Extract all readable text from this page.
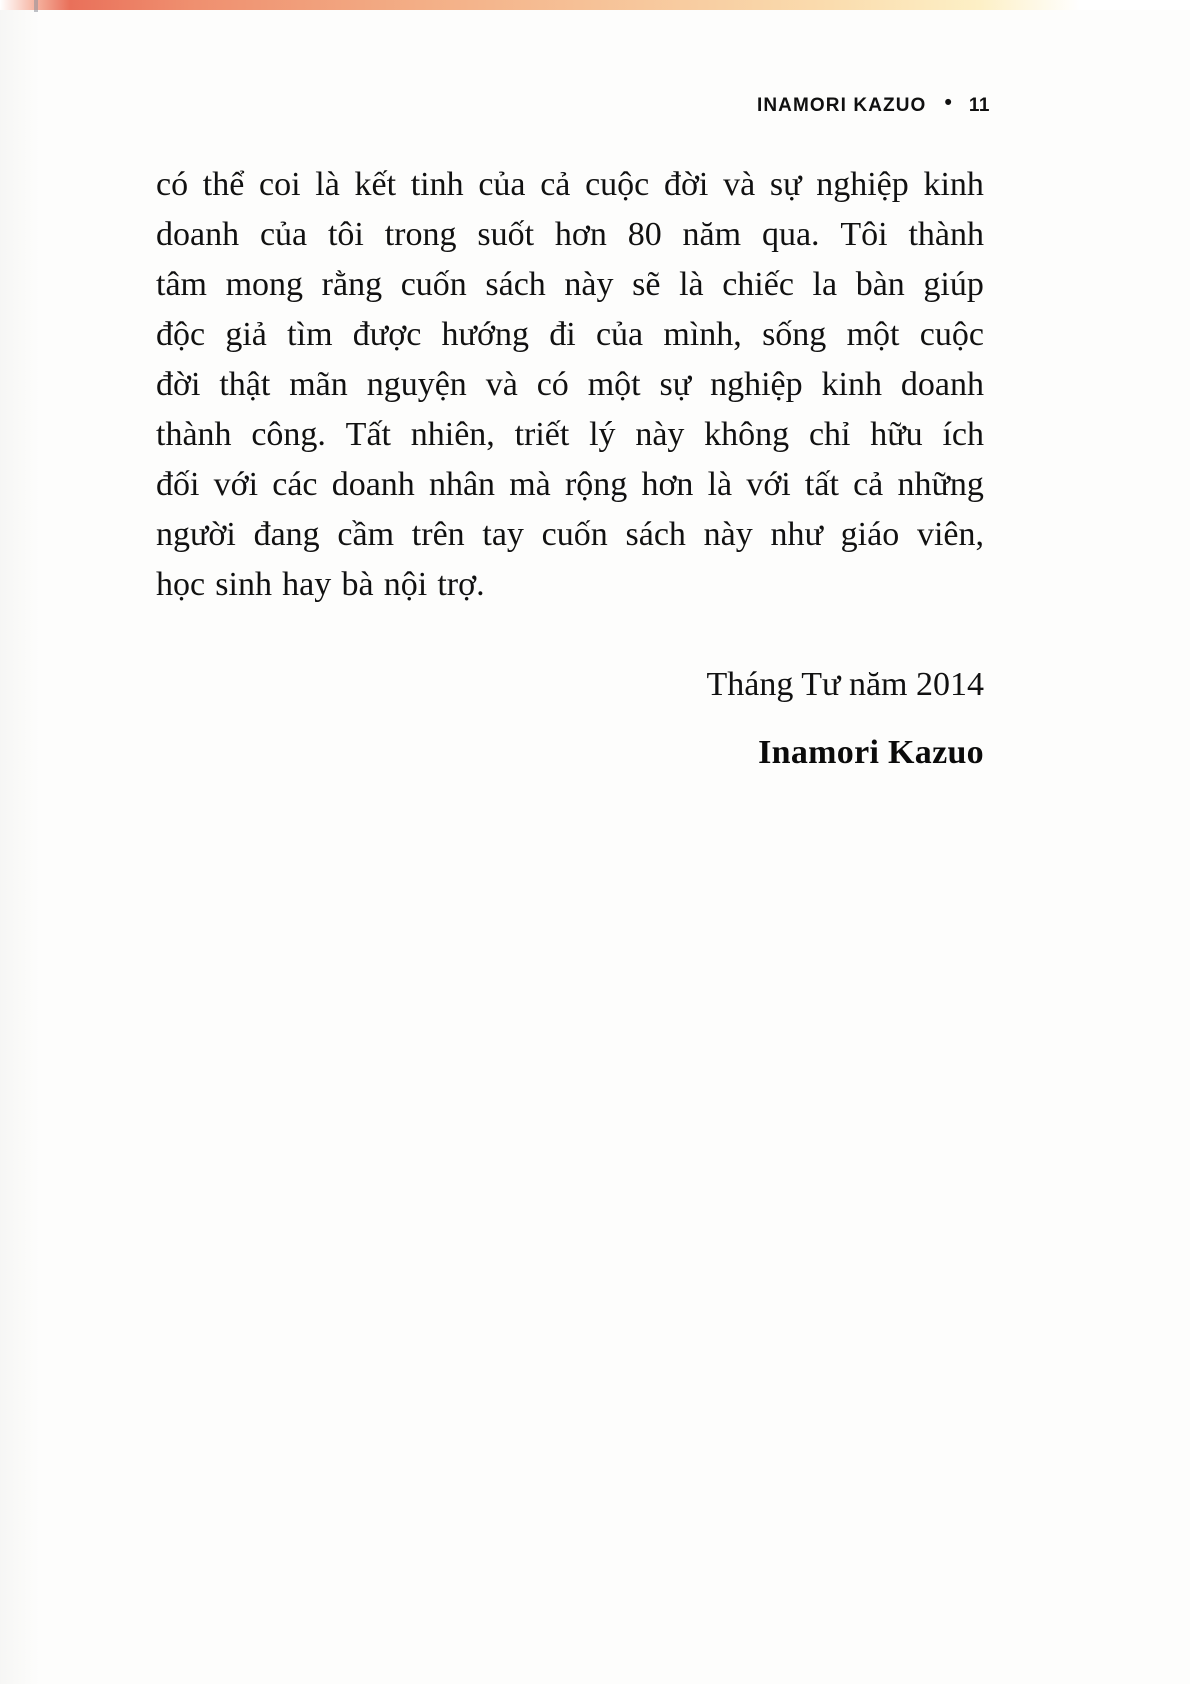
INAMORI KAZUO • 11
có thể coi là kết tinh của cả cuộc đời và sự nghiệp kinh
doanh của tôi trong suốt hơn 80 năm qua. Tôi thành
tâm mong rằng cuốn sách này sẽ là chiếc la bàn giúp
độc giả tìm được hướng đi của mình, sống một cuộc
đời thật mãn nguyện và có một sự nghiệp kinh doanh
thành công. Tất nhiên, triết lý này không chỉ hữu ích
đối với các doanh nhân mà rộng hơn là với tất cả những
người đang cầm trên tay cuốn sách này như giáo viên,
học sinh hay bà nội trợ.
Tháng Tư năm 2014
Inamori Kazuo
